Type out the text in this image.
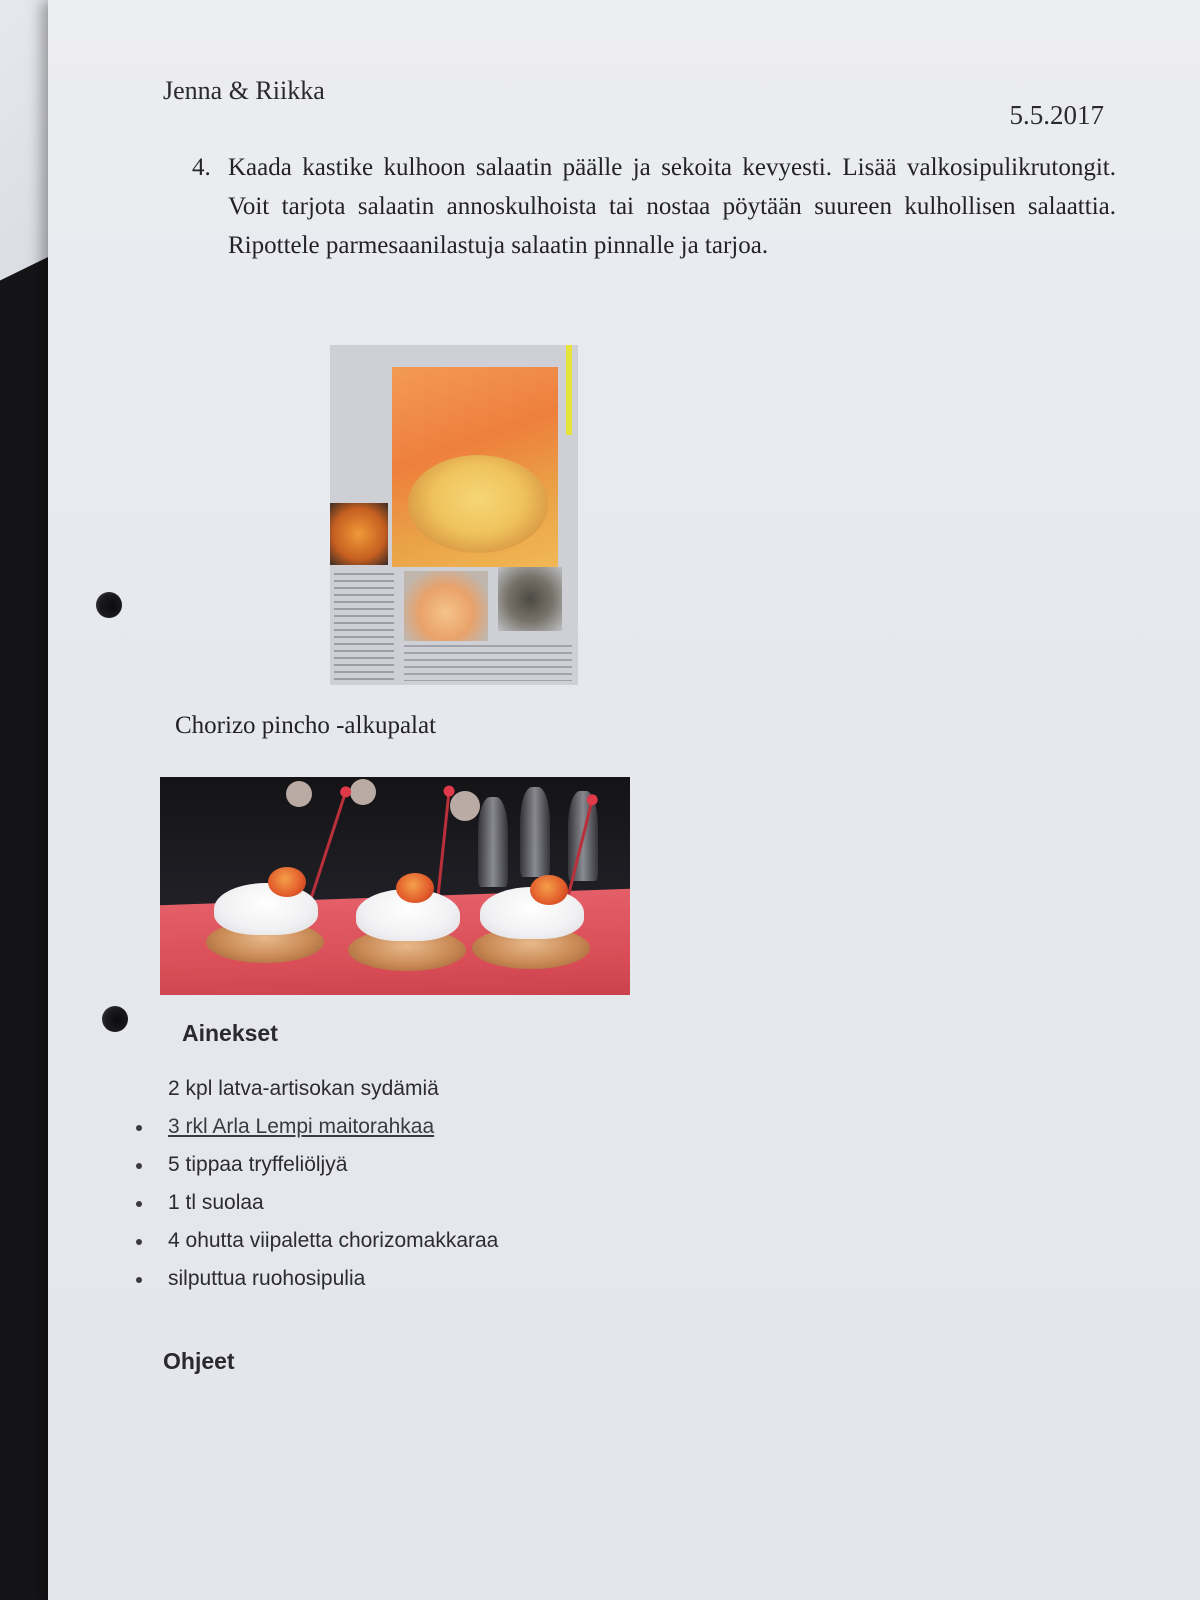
Jenna & Riikka
5.5.2017
4. Kaada kastike kulhoon salaatin päälle ja sekoita kevyesti. Lisää valkosipulikrutongit. Voit tarjota salaatin annoskulhoista tai nostaa pöytään suureen kulhollisen salaattia. Ripottele parmesaanilastuja salaatin pinnalle ja tarjoa.
Chorizo pincho -alkupalat
Ainekset
2 kpl latva-artisokan sydämiä
3 rkl Arla Lempi maitorahkaa
5 tippaa tryffeliöljyä
1 tl suolaa
4 ohutta viipaletta chorizomakkaraa
silputtua ruohosipulia
Ohjeet
